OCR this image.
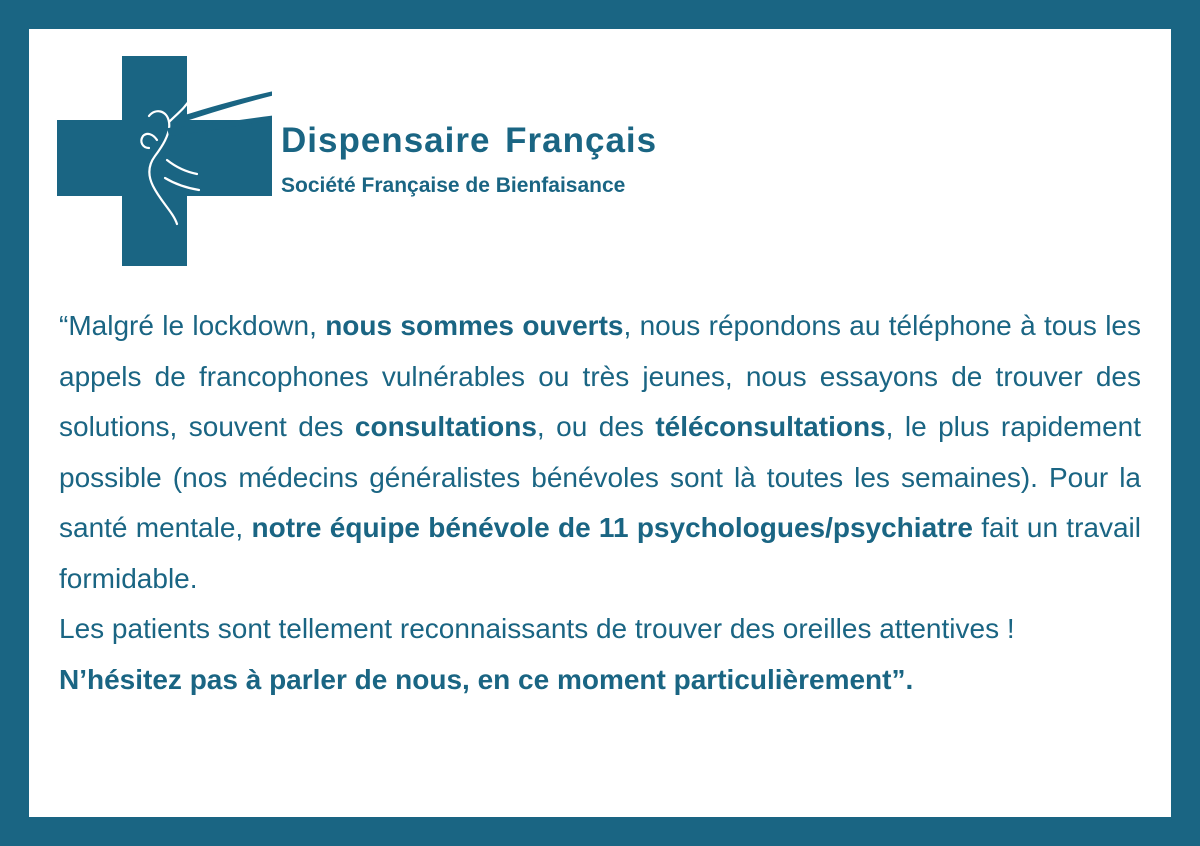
Dispensaire Français
Société Française de Bienfaisance

“Malgré le lockdown, nous sommes ouverts, nous répondons au téléphone à tous les appels de francophones vulnérables ou très jeunes, nous essayons de trouver des solutions, souvent des consultations, ou des téléconsultations, le plus rapidement possible (nos médecins généralistes bénévoles sont là toutes les semaines). Pour la santé mentale, notre équipe bénévole de 11 psychologues/psychiatre fait un travail formidable.

Les patients sont tellement reconnaissants de trouver des oreilles attentives !

N’hésitez pas à parler de nous, en ce moment particulièrement”.
